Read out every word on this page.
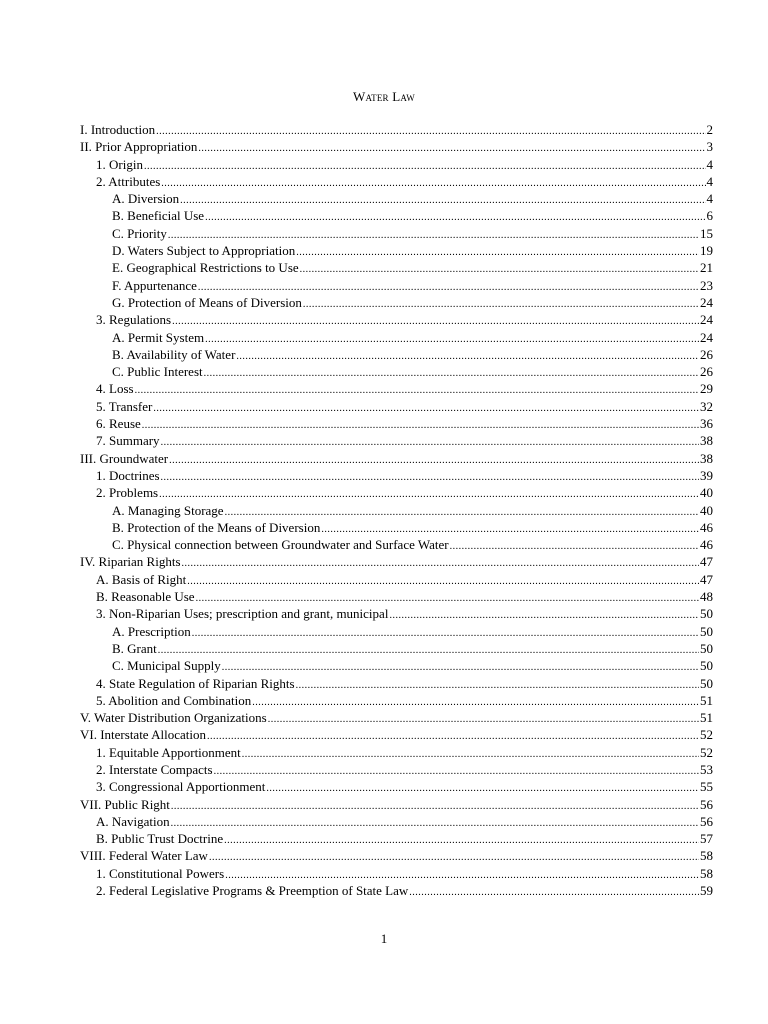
Water Law
I. Introduction .....	2
II. Prior Appropriation .....	3
1. Origin .....	4
2. Attributes .....	4
A. Diversion .....	4
B. Beneficial Use .....	6
C. Priority .....	15
D. Waters Subject to Appropriation .....	19
E. Geographical Restrictions to Use .....	21
F. Appurtenance .....	23
G. Protection of Means of Diversion .....	24
3. Regulations .....	24
A. Permit System .....	24
B. Availability of Water .....	26
C. Public Interest .....	26
4. Loss .....	29
5. Transfer .....	32
6. Reuse .....	36
7. Summary .....	38
III. Groundwater .....	38
1. Doctrines .....	39
2. Problems .....	40
A. Managing Storage .....	40
B. Protection of the Means of Diversion .....	46
C. Physical connection between Groundwater and Surface Water .....	46
IV. Riparian Rights .....	47
A. Basis of Right .....	47
B. Reasonable Use .....	48
3. Non-Riparian Uses; prescription and grant, municipal .....	50
A. Prescription .....	50
B. Grant .....	50
C. Municipal Supply .....	50
4. State Regulation of Riparian Rights .....	50
5. Abolition and Combination .....	51
V. Water Distribution Organizations .....	51
VI. Interstate Allocation .....	52
1. Equitable Apportionment .....	52
2. Interstate Compacts .....	53
3. Congressional Apportionment .....	55
VII. Public Right .....	56
A. Navigation .....	56
B. Public Trust Doctrine .....	57
VIII. Federal Water Law .....	58
1. Constitutional Powers .....	58
2. Federal Legislative Programs & Preemption of State Law .....	59
1
